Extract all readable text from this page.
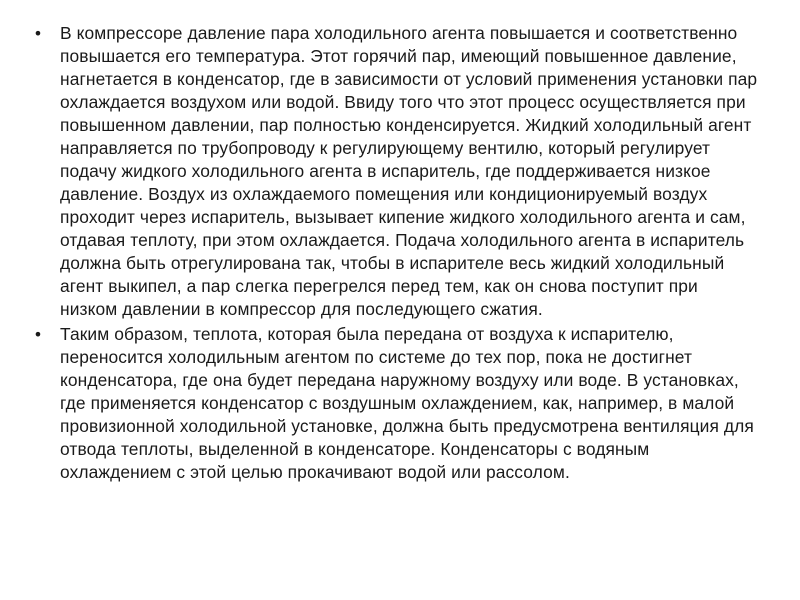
• В компрессоре давление пара холодильного агента повышается и соответственно повышается его температура. Этот горячий пар, имеющий повышенное давление, нагнетается в конденсатор, где в зависимости от условий применения установки пар охлаждается воздухом или водой. Ввиду того что этот процесс осуществляется при повышенном давлении, пар полностью конденсируется. Жидкий холодильный агент направляется по трубопроводу к регулирующему вентилю, который регулирует подачу жидкого холодильного агента в испаритель, где поддерживается низкое давление. Воздух из охлаждаемого помещения или кондиционируемый воздух проходит через испаритель, вызывает кипение жидкого холодильного агента и сам, отдавая теплоту, при этом охлаждается. Подача холодильного агента в испаритель должна быть отрегулирована так, чтобы в испарителе весь жидкий холодильный агент выкипел, а пар слегка перегрелся перед тем, как он снова поступит при низком давлении в компрессор для последующего сжатия.
• Таким образом, теплота, которая была передана от воздуха к испарителю, переносится холодильным агентом по системе до тех пор, пока не достигнет конденсатора, где она будет передана наружному воздуху или воде. В установках, где применяется конденсатор с воздушным охлаждением, как, например, в малой провизионной холодильной установке, должна быть предусмотрена вентиляция для отвода теплоты, выделенной в конденсаторе. Конденсаторы с водяным охлаждением с этой целью прокачивают водой или рассолом.
